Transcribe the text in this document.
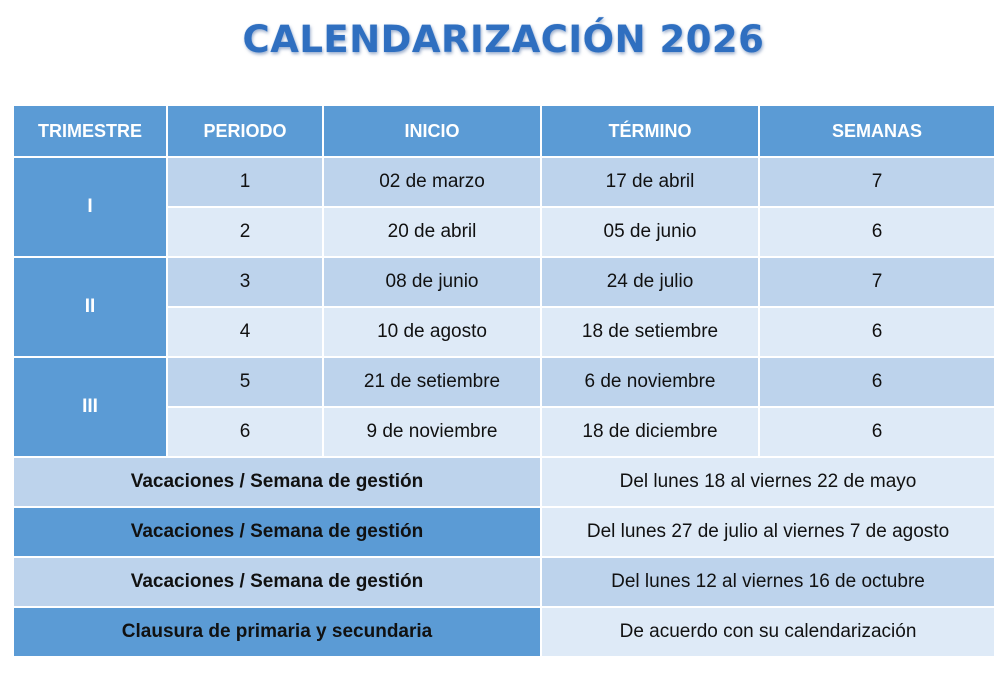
CALENDARIZACIÓN 2026
TRIMESTRE	PERIODO	INICIO	TÉRMINO	SEMANAS
I	1	02 de marzo	17 de abril	7
	2	20 de abril	05 de junio	6
II	3	08 de junio	24 de julio	7
	4	10 de agosto	18 de setiembre	6
III	5	21 de setiembre	6 de noviembre	6
	6	9 de noviembre	18 de diciembre	6
Vacaciones / Semana de gestión			Del lunes 18 al viernes 22 de mayo	
Vacaciones / Semana de gestión			Del lunes 27 de julio al viernes 7 de agosto	
Vacaciones / Semana de gestión			Del lunes 12 al viernes 16 de octubre	
Clausura de primaria y secundaria			De acuerdo con su calendarización	
